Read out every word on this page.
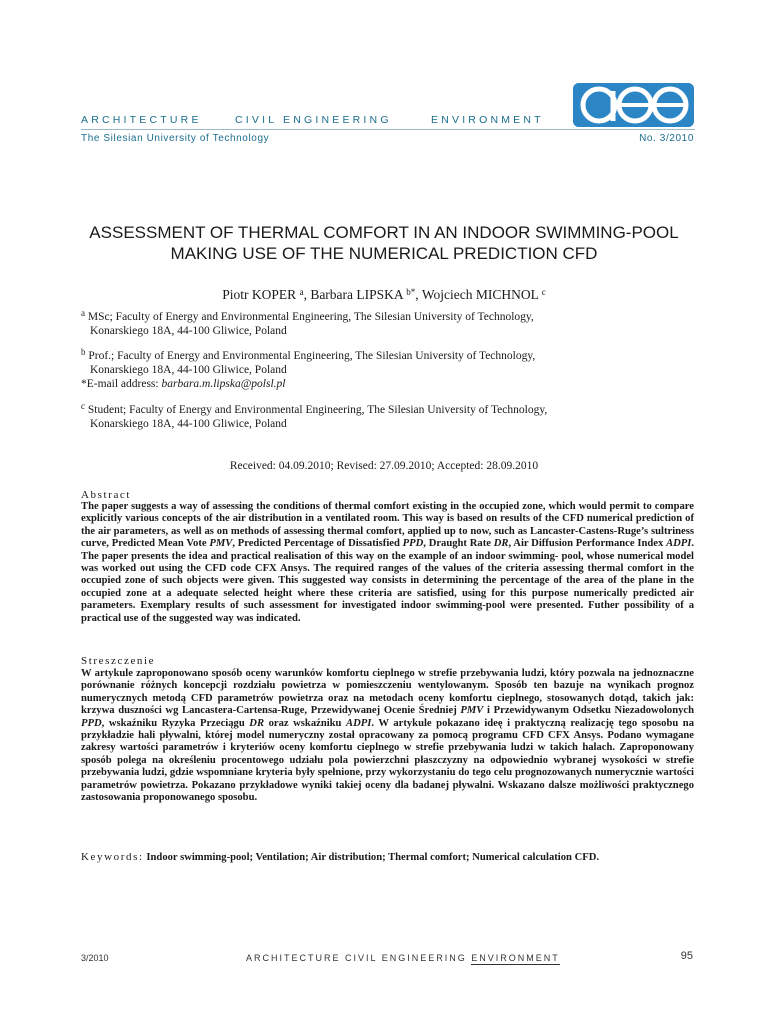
ARCHITECTURE	CIVIL ENGINEERING	ENVIRONMENT
The Silesian University of Technology	No. 3/2010
ASSESSMENT OF THERMAL COMFORT IN AN INDOOR SWIMMING-POOL
MAKING USE OF THE NUMERICAL PREDICTION CFD
Piotr KOPER $^a$, Barbara LIPSKA $^{b*}$, Wojciech MICHNOL $^c$
$^a$ MSc; Faculty of Energy and Environmental Engineering, The Silesian University of Technology,
Konarskiego 18A, 44-100 Gliwice, Poland
$^b$ Prof.; Faculty of Energy and Environmental Engineering, The Silesian University of Technology,
Konarskiego 18A, 44-100 Gliwice, Poland
*E-mail address: barbara.m.lipska@polsl.pl
$^c$ Student; Faculty of Energy and Environmental Engineering, The Silesian University of Technology,
Konarskiego 18A, 44-100 Gliwice, Poland
Received: 04.09.2010; Revised: 27.09.2010; Accepted: 28.09.2010
Abstract
The paper suggests a way of assessing the conditions of thermal comfort existing in the occupied zone, which would permit to compare explicitly various concepts of the air distribution in a ventilated room. This way is based on results of the CFD numerical prediction of the air parameters, as well as on methods of assessing thermal comfort, applied up to now, such as Lancaster-Castens-Ruge’s sultriness curve, Predicted Mean Vote PMV, Predicted Percentage of Dissatisfied PPD, Draught Rate DR, Air Diffusion Performance Index ADPI. The paper presents the idea and practical realisation of this way on the example of an indoor swimming- pool, whose numerical model was worked out using the CFD code CFX Ansys. The required ranges of the values of the criteria assessing thermal comfort in the occupied zone of such objects were given. This suggested way consists in determining the percentage of the area of the plane in the occupied zone at a adequate selected height where these criteria are satisfied, using for this purpose numerically predicted air parameters. Exemplary results of such assessment for investigated indoor swimming-pool were presented. Futher possibility of a practical use of the suggested way was indicated.
Streszczenie
W artykule zaproponowano sposób oceny warunków komfortu cieplnego w strefie przebywania ludzi, który pozwala na jednoznaczne porównanie różnych koncepcji rozdziału powietrza w pomieszczeniu wentylowanym. Sposób ten bazuje na wynikach prognoz numerycznych metodą CFD parametrów powietrza oraz na metodach oceny komfortu cieplnego, stosowanych dotąd, takich jak: krzywa duszności wg Lancastera-Cartensa-Ruge, Przewidywanej Ocenie Średniej PMV i Przewidywanym Odsetku Niezadowolonych PPD, wskaźniku Ryzyka Przeciągu DR oraz wskaźniku ADPI. W artykule pokazano ideę i praktyczną realizację tego sposobu na przykładzie hali pływalni, której model numeryczny został opracowany za pomocą programu CFD CFX Ansys. Podano wymagane zakresy wartości parametrów i kryteriów oceny komfortu cieplnego w strefie przebywania ludzi w takich halach. Zaproponowany sposób polega na określeniu procentowego udziału pola powierzchni płaszczyzny na odpowiednio wybranej wysokości w strefie przebywania ludzi, gdzie wspomniane kryteria były spełnione, przy wykorzystaniu do tego celu prognozowanych numerycznie wartości parametrów powietrza. Pokazano przykładowe wyniki takiej oceny dla badanej pływalni. Wskazano dalsze możliwości praktycznego zastosowania proponowanego sposobu.
Keywords: Indoor swimming-pool; Ventilation; Air distribution; Thermal comfort; Numerical calculation CFD.
3/2010	ARCHITECTURE CIVIL ENGINEERING ENVIRONMENT	95
